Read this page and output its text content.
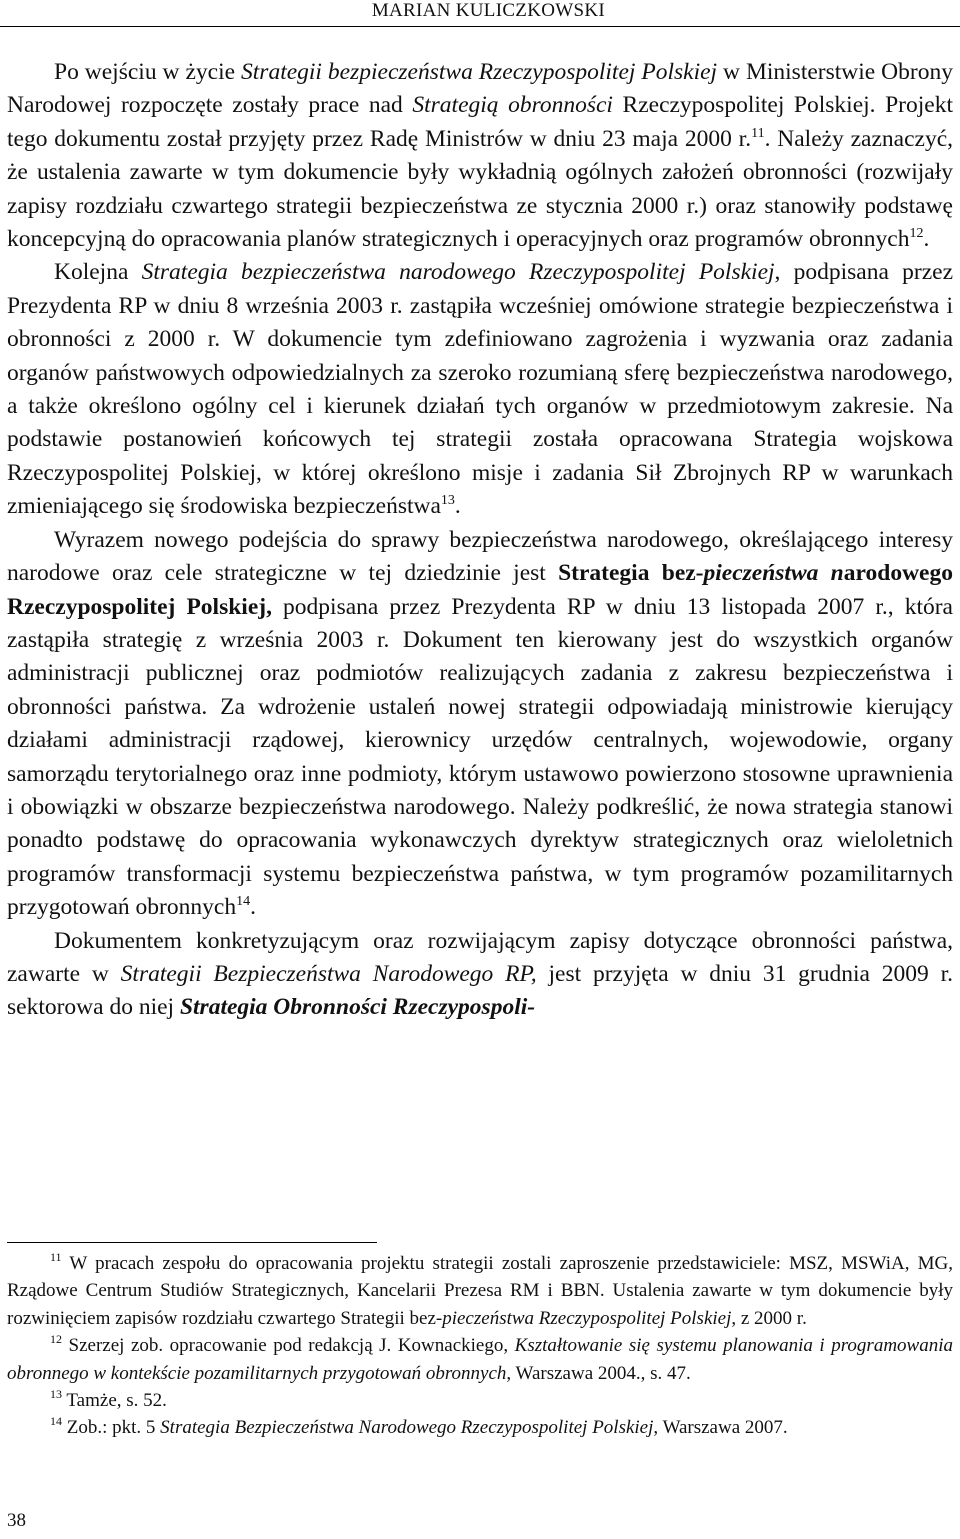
MARIAN KULICZKOWSKI

Po wejściu w życie Strategii bezpieczeństwa Rzeczypospolitej Polskiej w Ministerstwie Obrony Narodowej rozpoczęte zostały prace nad Strategią obronności Rzeczypospolitej Polskiej. Projekt tego dokumentu został przyjęty przez Radę Ministrów w dniu 23 maja 2000 r.$^{11}$. Należy zaznaczyć, że ustalenia zawarte w tym dokumencie były wykładnią ogólnych założeń obronności (rozwijały zapisy rozdziału czwartego strategii bezpieczeństwa ze stycznia 2000 r.) oraz stanowiły podstawę koncepcyjną do opracowania planów strategicznych i operacyjnych oraz programów obronnych$^{12}$.

Kolejna Strategia bezpieczeństwa narodowego Rzeczypospolitej Polskiej, podpisana przez Prezydenta RP w dniu 8 września 2003 r. zastąpiła wcześniej omówione strategie bezpieczeństwa i obronności z 2000 r. W dokumencie tym zdefiniowano zagrożenia i wyzwania oraz zadania organów państwowych odpowiedzialnych za szeroko rozumianą sferę bezpieczeństwa narodowego, a także określono ogólny cel i kierunek działań tych organów w przedmiotowym zakresie. Na podstawie postanowień końcowych tej strategii została opracowana Strategia wojskowa Rzeczypospolitej Polskiej, w której określono misje i zadania Sił Zbrojnych RP w warunkach zmieniającego się środowiska bezpieczeństwa$^{13}$.

Wyrazem nowego podejścia do sprawy bezpieczeństwa narodowego, określającego interesy narodowe oraz cele strategiczne w tej dziedzinie jest Strategia bez-pieczeństwa narodowego Rzeczypospolitej Polskiej, podpisana przez Prezydenta RP w dniu 13 listopada 2007 r., która zastąpiła strategię z września 2003 r. Dokument ten kierowany jest do wszystkich organów administracji publicznej oraz podmiotów realizujących zadania z zakresu bezpieczeństwa i obronności państwa. Za wdrożenie ustaleń nowej strategii odpowiadają ministrowie kierujący działami administracji rządowej, kierownicy urzędów centralnych, wojewodowie, organy samorządu terytorialnego oraz inne podmioty, którym ustawowo powierzono stosowne uprawnienia i obowiązki w obszarze bezpieczeństwa narodowego. Należy podkreślić, że nowa strategia stanowi ponadto podstawę do opracowania wykonawczych dyrektyw strategicznych oraz wieloletnich programów transformacji systemu bezpieczeństwa państwa, w tym programów pozamilitarnych przygotowań obronnych$^{14}$.

Dokumentem konkretyzującym oraz rozwijającym zapisy dotyczące obronności państwa, zawarte w Strategii Bezpieczeństwa Narodowego RP, jest przyjęta w dniu 31 grudnia 2009 r. sektorowa do niej Strategia Obronności Rzeczypospoli-

$^{11}$ W pracach zespołu do opracowania projektu strategii zostali zaproszenie przedstawiciele: MSZ, MSWiA, MG, Rządowe Centrum Studiów Strategicznych, Kancelarii Prezesa RM i BBN. Ustalenia zawarte w tym dokumencie były rozwinięciem zapisów rozdziału czwartego Strategii bez-pieczeństwa Rzeczypospolitej Polskiej, z 2000 r.

$^{12}$ Szerzej zob. opracowanie pod redakcją J. Kownackiego, Kształtowanie się systemu planowania i programowania obronnego w kontekście pozamilitarnych przygotowań obronnych, Warszawa 2004., s. 47.

$^{13}$ Tamże, s. 52.

$^{14}$ Zob.: pkt. 5 Strategia Bezpieczeństwa Narodowego Rzeczypospolitej Polskiej, Warszawa 2007.

38
